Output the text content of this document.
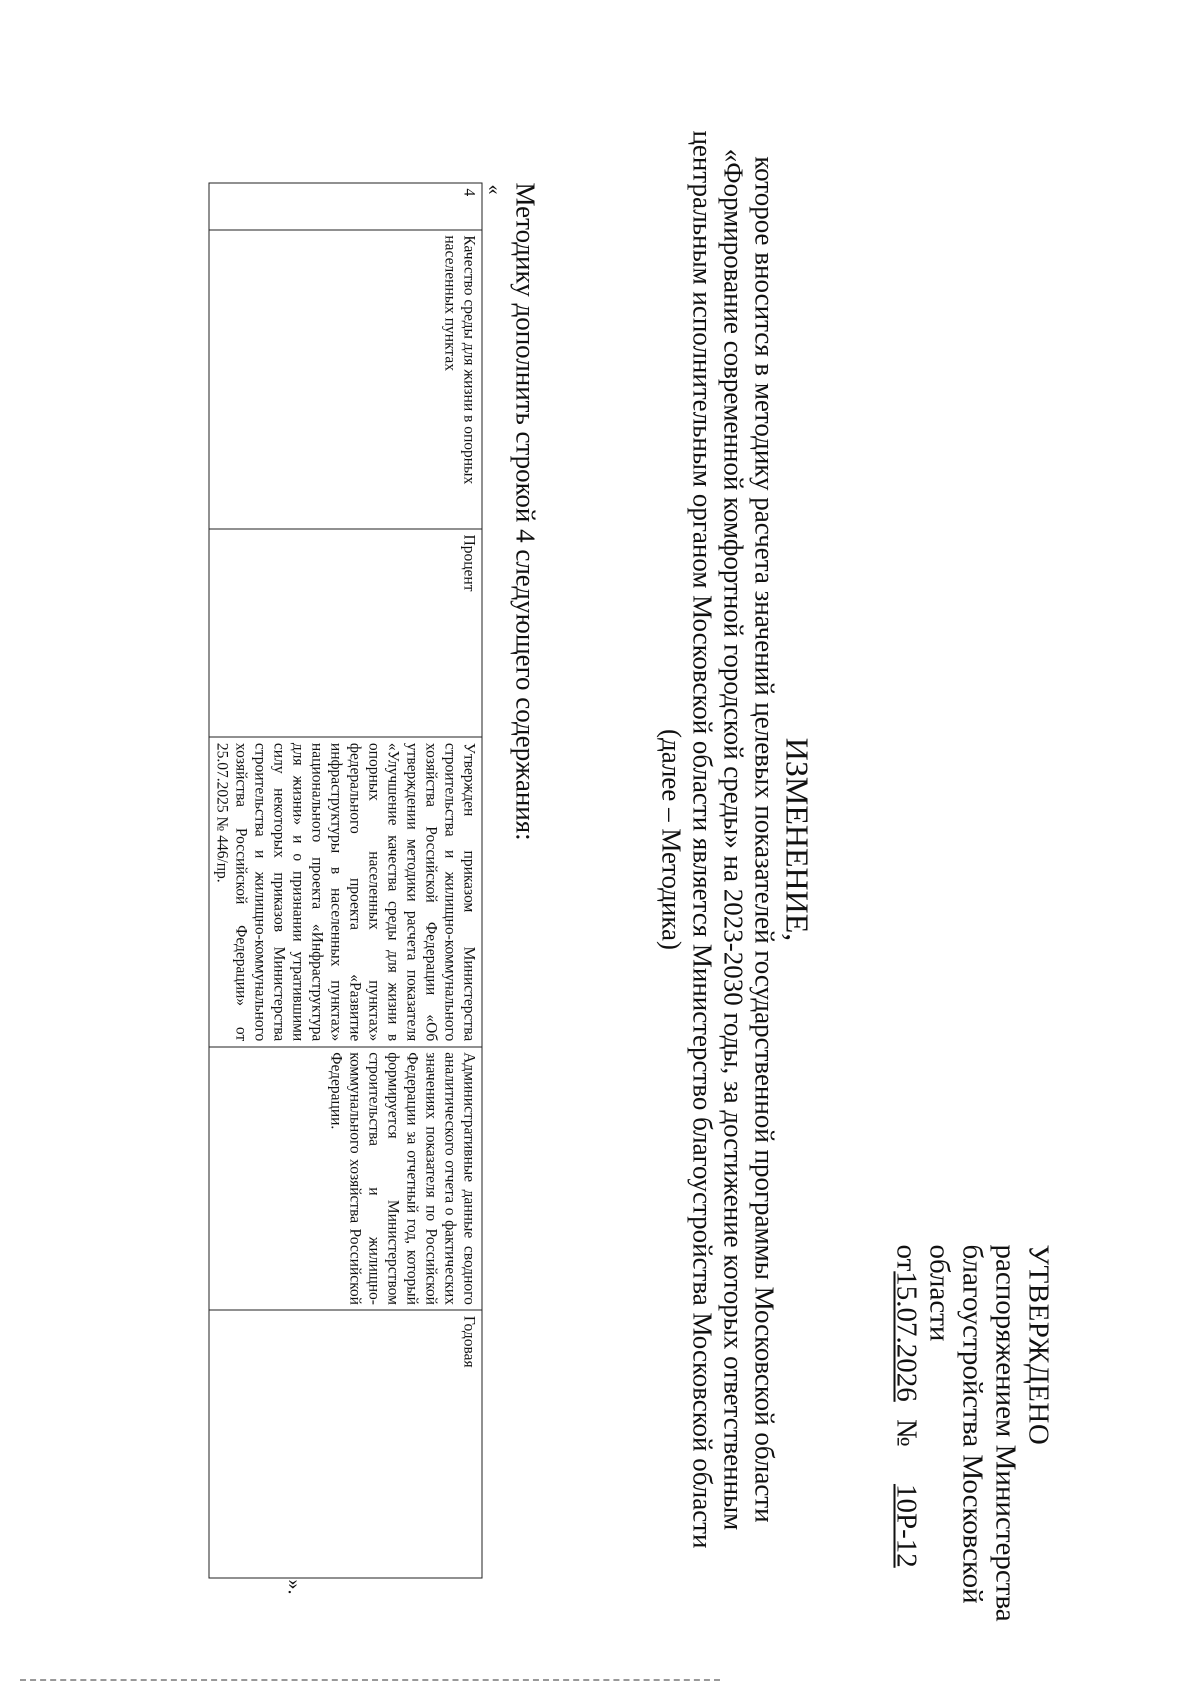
УТВЕРЖДЕНО
распоряжением Министерства
благоустройства Московской области
от15.07.2026 № 10Р-12
ИЗМЕНЕНИЕ,
которое вносится в методику расчета значений целевых показателей государственной программы Московской области
«Формирование современной комфортной городской среды» на 2023-2030 годы, за достижение которых ответственным
центральным исполнительным органом Московской области является Министерство благоустройства Московской области
(далее – Методика)
Методику дополнить строкой 4 следующего содержания:
«
4	Качество среды для жизни в опорных населенных пунктах	Процент	Утвержден приказом Министерства строительства и жилищно-коммунального хозяйства Российской Федерации «Об утверждении методики расчета показателя «Улучшение качества среды для жизни в опорных населенных пунктах» федерального проекта «Развитие инфраструктуры в населенных пунктах» национального проекта «Инфраструктура для жизни» и о признании утратившими силу некоторых приказов Министерства строительства и жилищно-коммунального хозяйства Российской Федерации» от 25.07.2025 № 446/пр.	Административные данные сводного аналитического отчета о фактических значениях показателя по Российской Федерации за отчетный год, который формируется Министерством строительства и жилищно-коммунального хозяйства Российской Федерации.	Годовая
».
